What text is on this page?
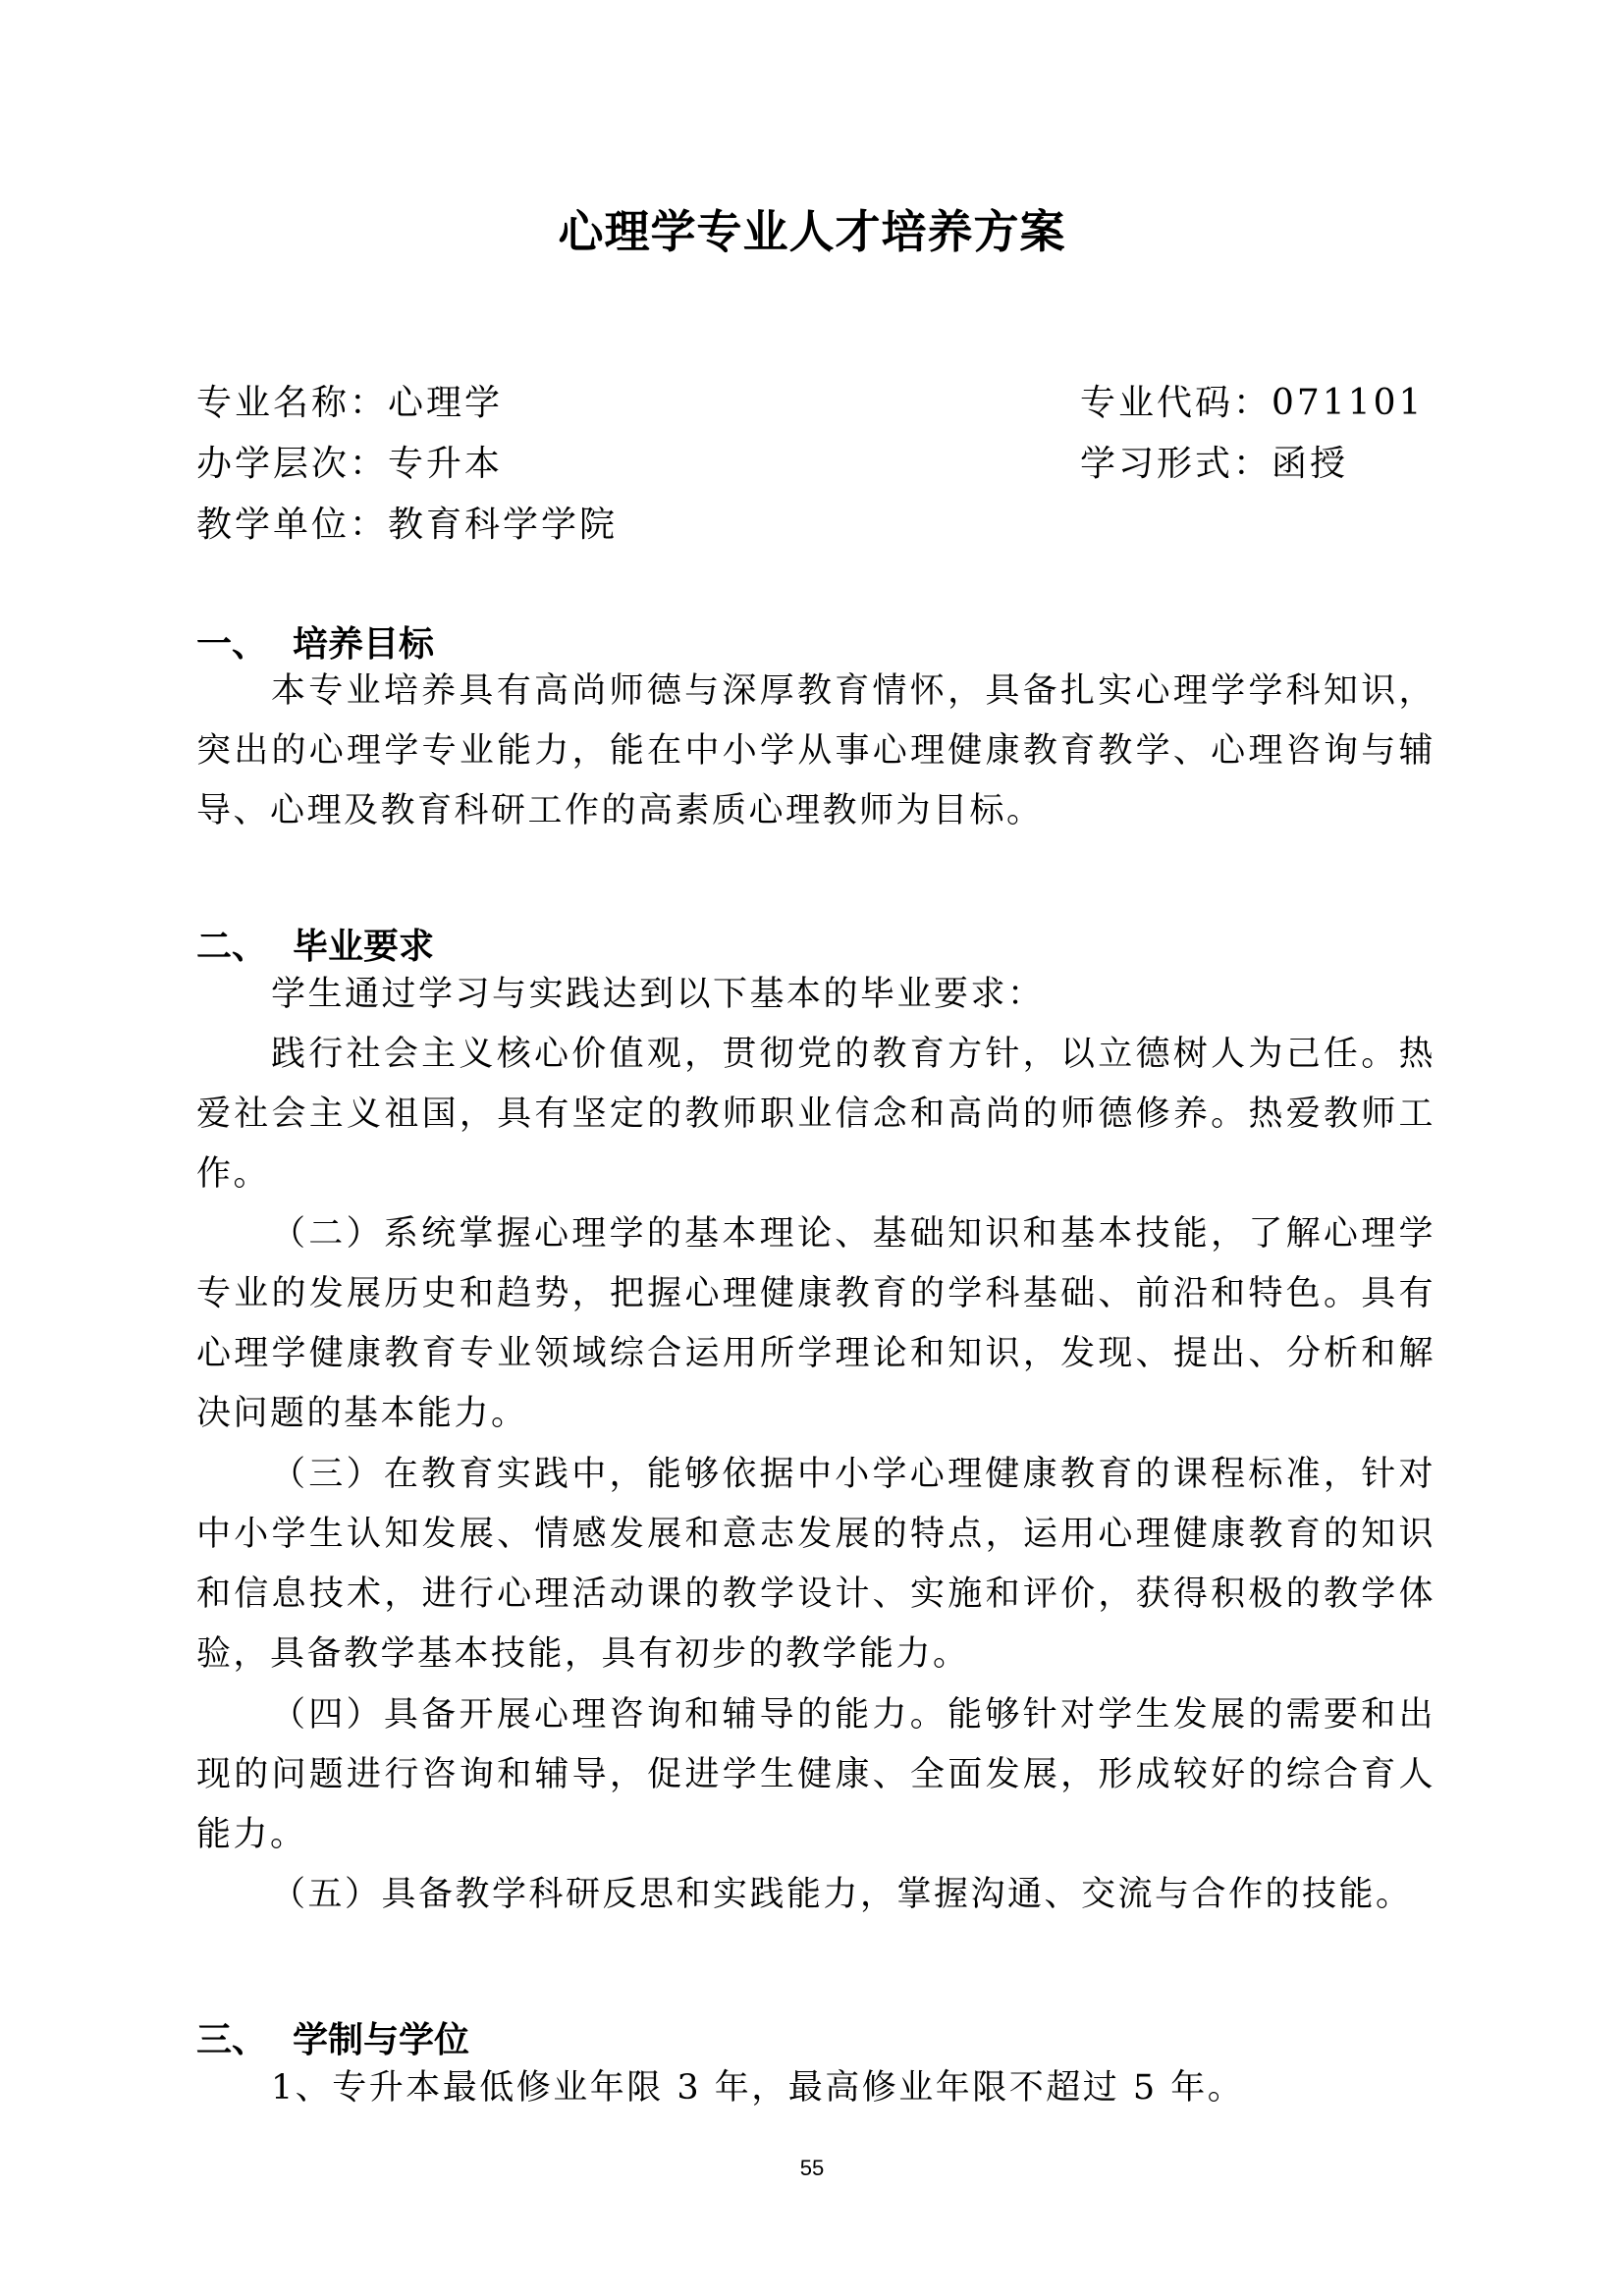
心理学专业人才培养方案
专业名称：心理学	专业代码：071101
办学层次：专升本	学习形式：函授
教学单位：教育科学学院
一、 培养目标
本专业培养具有高尚师德与深厚教育情怀，具备扎实心理学学科知识，突出的心理学专业能力，能在中小学从事心理健康教育教学、心理咨询与辅导、心理及教育科研工作的高素质心理教师为目标。
二、 毕业要求
学生通过学习与实践达到以下基本的毕业要求：
践行社会主义核心价值观，贯彻党的教育方针，以立德树人为己任。热爱社会主义祖国，具有坚定的教师职业信念和高尚的师德修养。热爱教师工作。
（二）系统掌握心理学的基本理论、基础知识和基本技能，了解心理学专业的发展历史和趋势，把握心理健康教育的学科基础、前沿和特色。具有心理学健康教育专业领域综合运用所学理论和知识，发现、提出、分析和解决问题的基本能力。
（三）在教育实践中，能够依据中小学心理健康教育的课程标准，针对中小学生认知发展、情感发展和意志发展的特点，运用心理健康教育的知识和信息技术，进行心理活动课的教学设计、实施和评价，获得积极的教学体验，具备教学基本技能，具有初步的教学能力。
（四）具备开展心理咨询和辅导的能力。能够针对学生发展的需要和出现的问题进行咨询和辅导，促进学生健康、全面发展，形成较好的综合育人能力。
（五）具备教学科研反思和实践能力，掌握沟通、交流与合作的技能。
三、 学制与学位
1、专升本最低修业年限 3 年，最高修业年限不超过 5 年。
55
